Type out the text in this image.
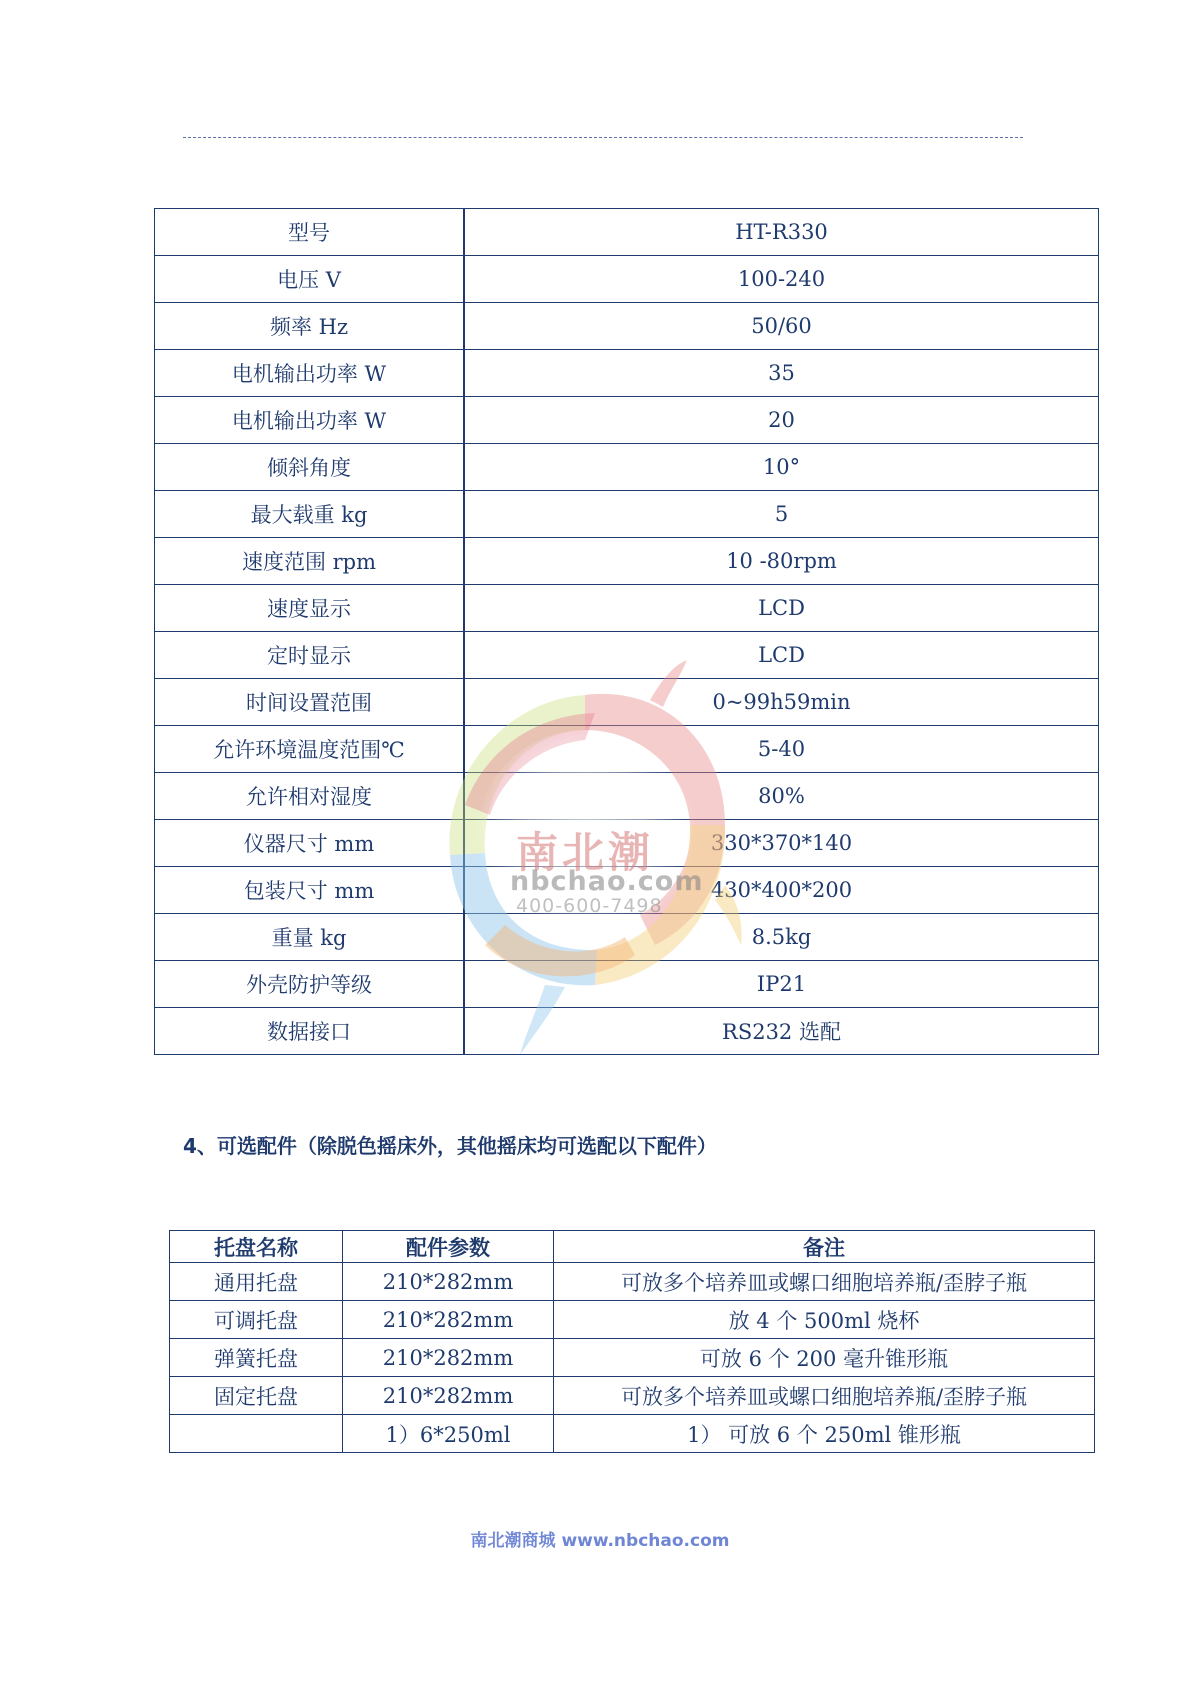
型号	HT-R330
电压 V	100-240
频率 Hz	50/60
电机输出功率 W	35
电机输出功率 W	20
倾斜角度	10°
最大载重 kg	5
速度范围 rpm	10 -80rpm
速度显示	LCD
定时显示	LCD
时间设置范围	0~99h59min
允许环境温度范围℃	5-40
允许相对湿度	80%
仪器尺寸 mm	330*370*140
包装尺寸 mm	430*400*200
重量 kg	8.5kg
外壳防护等级	IP21
数据接口	RS232 选配
南北潮
nbchao.com
400-600-7498
4、可选配件（除脱色摇床外，其他摇床均可选配以下配件）
托盘名称	配件参数	备注
通用托盘	210*282mm	可放多个培养皿或螺口细胞培养瓶/歪脖子瓶
可调托盘	210*282mm	放 4 个 500ml 烧杯
弹簧托盘	210*282mm	可放 6 个 200 毫升锥形瓶
固定托盘	210*282mm	可放多个培养皿或螺口细胞培养瓶/歪脖子瓶
	1）6*250ml	1） 可放 6 个 250ml 锥形瓶
南北潮商城 www.nbchao.com
